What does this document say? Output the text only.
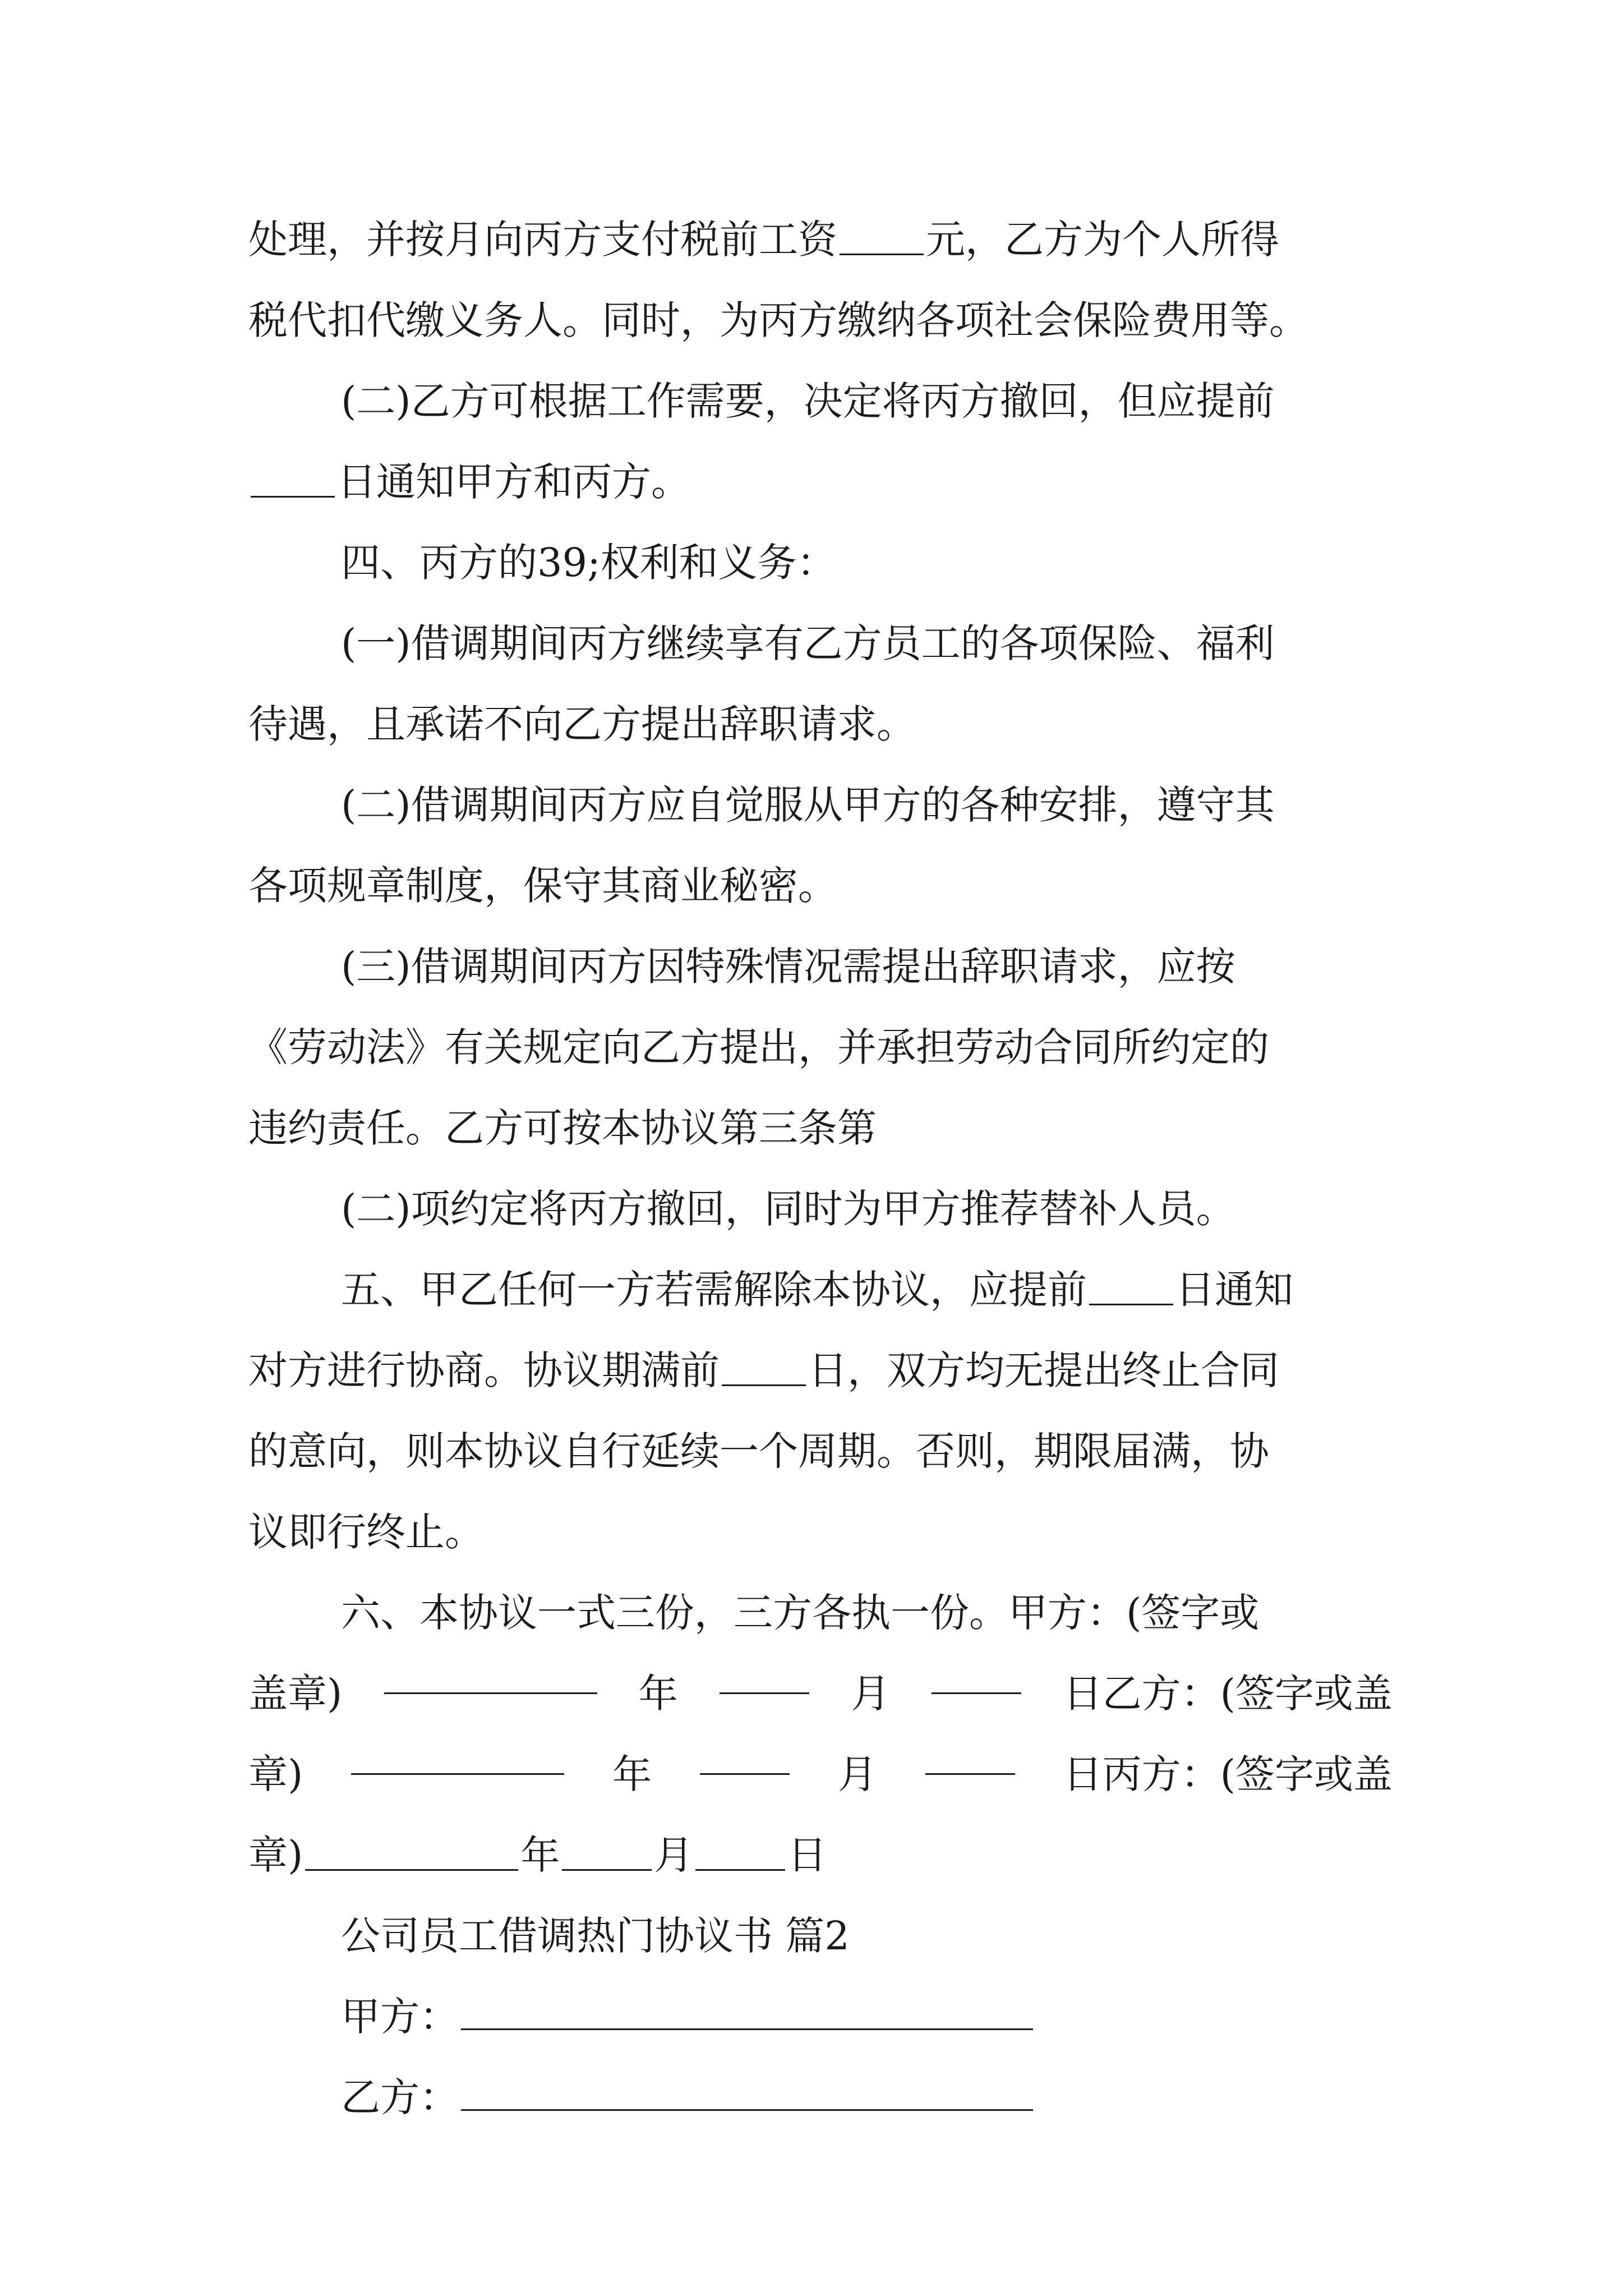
处理，并按月向丙方支付税前工资 元，乙方为个人所得
税代扣代缴义务人。同时，为丙方缴纳各项社会保险费用等。
(二)乙方可根据工作需要，决定将丙方撤回，但应提前
日通知甲方和丙方。
四、丙方的39;权利和义务：
(一)借调期间丙方继续享有乙方员工的各项保险、福利
待遇，且承诺不向乙方提出辞职请求。
(二)借调期间丙方应自觉服从甲方的各种安排，遵守其
各项规章制度，保守其商业秘密。
(三)借调期间丙方因特殊情况需提出辞职请求，应按
《劳动法》有关规定向乙方提出，并承担劳动合同所约定的
违约责任。乙方可按本协议第三条第
(二)项约定将丙方撤回，同时为甲方推荐替补人员。
五、甲乙任何一方若需解除本协议，应提前 日通知
对方进行协商。协议期满前 日，双方均无提出终止合同
的意向，则本协议自行延续一个周期。否则，期限届满，协
议即行终止。
六、本协议一式三份，三方各执一份。甲方：(签字或
盖章)	年	月	日乙方：(签字或盖
章)	年	月	日丙方：(签字或盖
章)	年 月 日
公司员工借调热门协议书 篇2
甲方：
乙方：
